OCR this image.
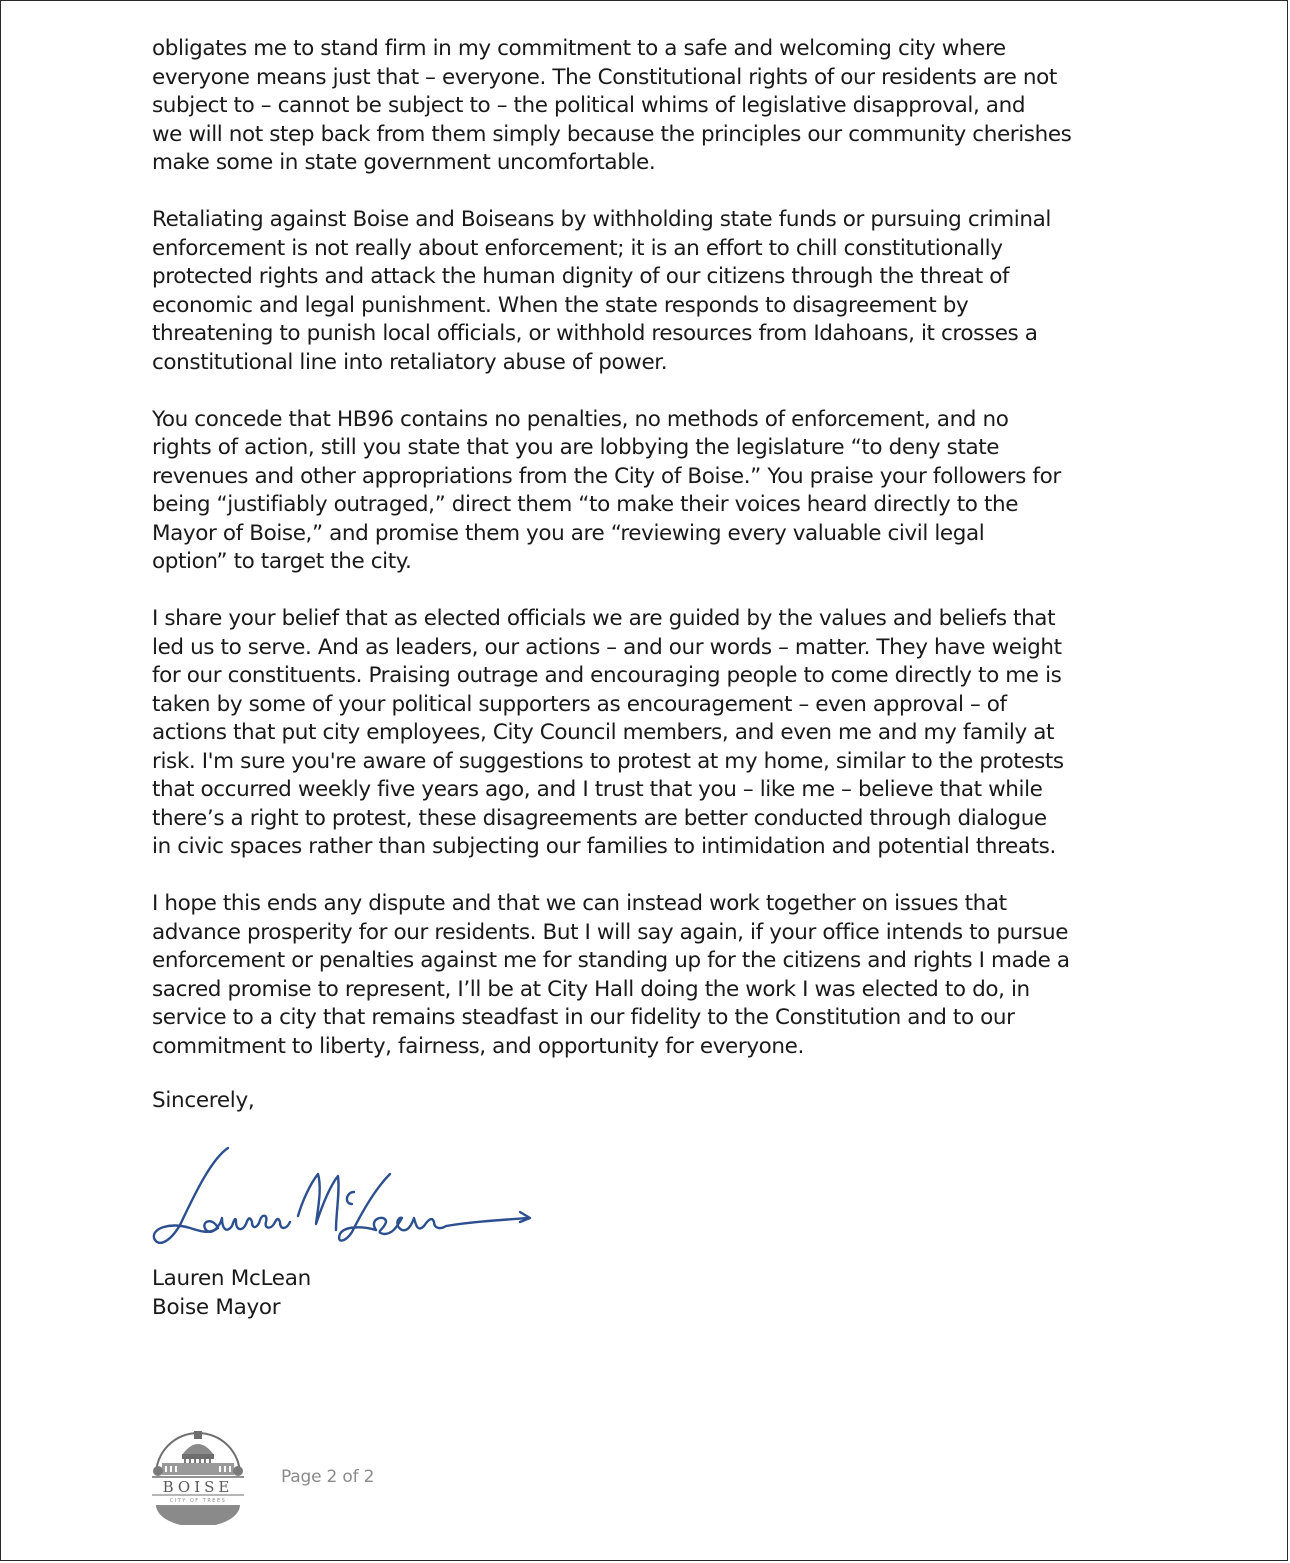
obligates me to stand firm in my commitment to a safe and welcoming city where
everyone means just that – everyone. The Constitutional rights of our residents are not
subject to – cannot be subject to – the political whims of legislative disapproval, and
we will not step back from them simply because the principles our community cherishes
make some in state government uncomfortable.

Retaliating against Boise and Boiseans by withholding state funds or pursuing criminal
enforcement is not really about enforcement; it is an effort to chill constitutionally
protected rights and attack the human dignity of our citizens through the threat of
economic and legal punishment. When the state responds to disagreement by
threatening to punish local officials, or withhold resources from Idahoans, it crosses a
constitutional line into retaliatory abuse of power.

You concede that HB96 contains no penalties, no methods of enforcement, and no
rights of action, still you state that you are lobbying the legislature “to deny state
revenues and other appropriations from the City of Boise.” You praise your followers for
being “justifiably outraged,” direct them “to make their voices heard directly to the
Mayor of Boise,” and promise them you are “reviewing every valuable civil legal
option” to target the city.

I share your belief that as elected officials we are guided by the values and beliefs that
led us to serve. And as leaders, our actions – and our words – matter. They have weight
for our constituents. Praising outrage and encouraging people to come directly to me is
taken by some of your political supporters as encouragement – even approval – of
actions that put city employees, City Council members, and even me and my family at
risk. I'm sure you're aware of suggestions to protest at my home, similar to the protests
that occurred weekly five years ago, and I trust that you – like me – believe that while
there’s a right to protest, these disagreements are better conducted through dialogue
in civic spaces rather than subjecting our families to intimidation and potential threats.

I hope this ends any dispute and that we can instead work together on issues that
advance prosperity for our residents. But I will say again, if your office intends to pursue
enforcement or penalties against me for standing up for the citizens and rights I made a
sacred promise to represent, I’ll be at City Hall doing the work I was elected to do, in
service to a city that remains steadfast in our fidelity to the Constitution and to our
commitment to liberty, fairness, and opportunity for everyone.

Sincerely,
Lauren McLean
Boise Mayor
BOISE
CITY OF TREES
Page 2 of 2
